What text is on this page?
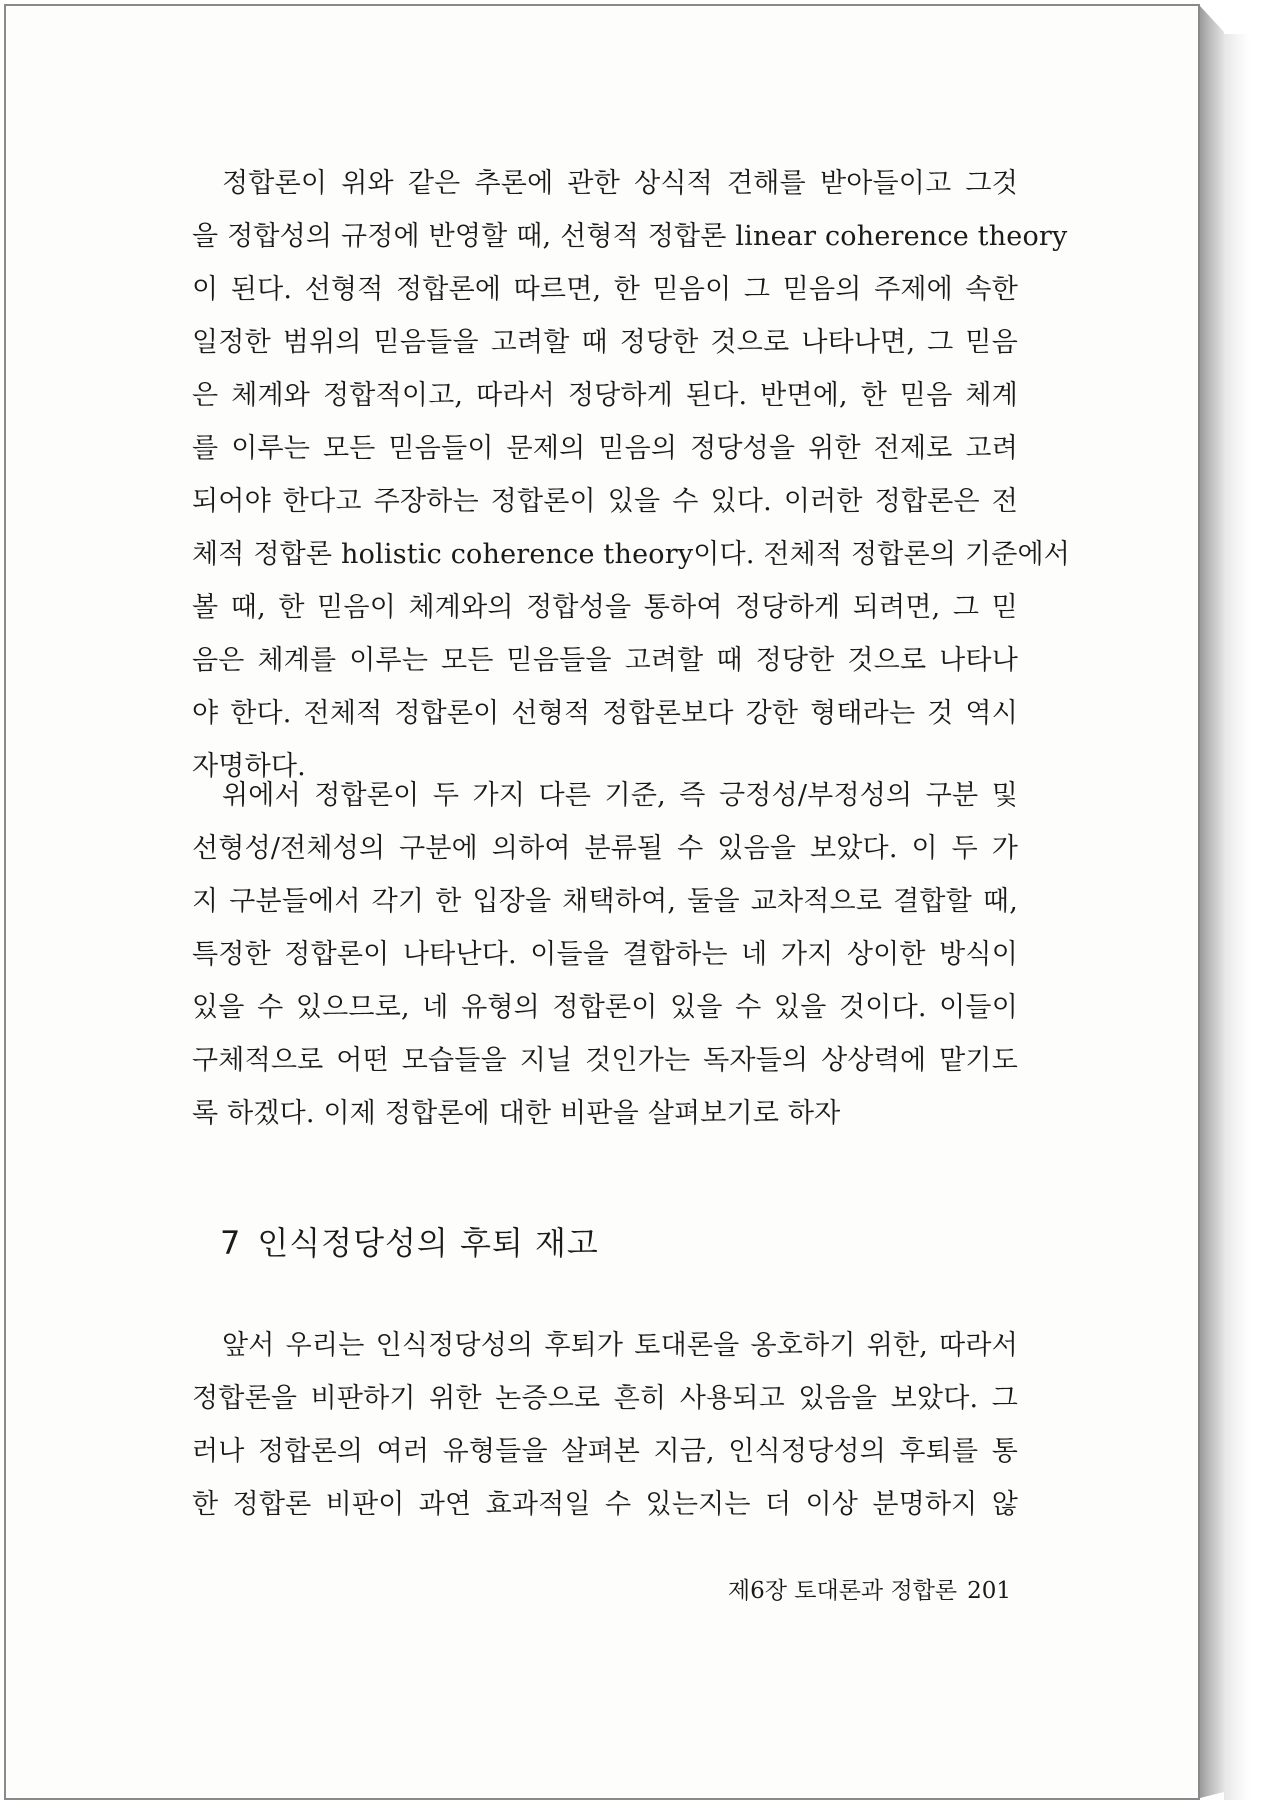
정합론이 위와 같은 추론에 관한 상식적 견해를 받아들이고 그것
을 정합성의 규정에 반영할 때, 선형적 정합론 linear coherence theory
이 된다. 선형적 정합론에 따르면, 한 믿음이 그 믿음의 주제에 속한
일정한 범위의 믿음들을 고려할 때 정당한 것으로 나타나면, 그 믿음
은 체계와 정합적이고, 따라서 정당하게 된다. 반면에, 한 믿음 체계
를 이루는 모든 믿음들이 문제의 믿음의 정당성을 위한 전제로 고려
되어야 한다고 주장하는 정합론이 있을 수 있다. 이러한 정합론은 전
체적 정합론 holistic coherence theory이다. 전체적 정합론의 기준에서
볼 때, 한 믿음이 체계와의 정합성을 통하여 정당하게 되려면, 그 믿
음은 체계를 이루는 모든 믿음들을 고려할 때 정당한 것으로 나타나
야 한다. 전체적 정합론이 선형적 정합론보다 강한 형태라는 것 역시
자명하다.

위에서 정합론이 두 가지 다른 기준, 즉 긍정성/부정성의 구분 및
선형성/전체성의 구분에 의하여 분류될 수 있음을 보았다. 이 두 가
지 구분들에서 각기 한 입장을 채택하여, 둘을 교차적으로 결합할 때,
특정한 정합론이 나타난다. 이들을 결합하는 네 가지 상이한 방식이
있을 수 있으므로, 네 유형의 정합론이 있을 수 있을 것이다. 이들이
구체적으로 어떤 모습들을 지닐 것인가는 독자들의 상상력에 맡기도
록 하겠다. 이제 정합론에 대한 비판을 살펴보기로 하자

7 인식정당성의 후퇴 재고

앞서 우리는 인식정당성의 후퇴가 토대론을 옹호하기 위한, 따라서
정합론을 비판하기 위한 논증으로 흔히 사용되고 있음을 보았다. 그
러나 정합론의 여러 유형들을 살펴본 지금, 인식정당성의 후퇴를 통
한 정합론 비판이 과연 효과적일 수 있는지는 더 이상 분명하지 않

제6장 토대론과 정합론 201
